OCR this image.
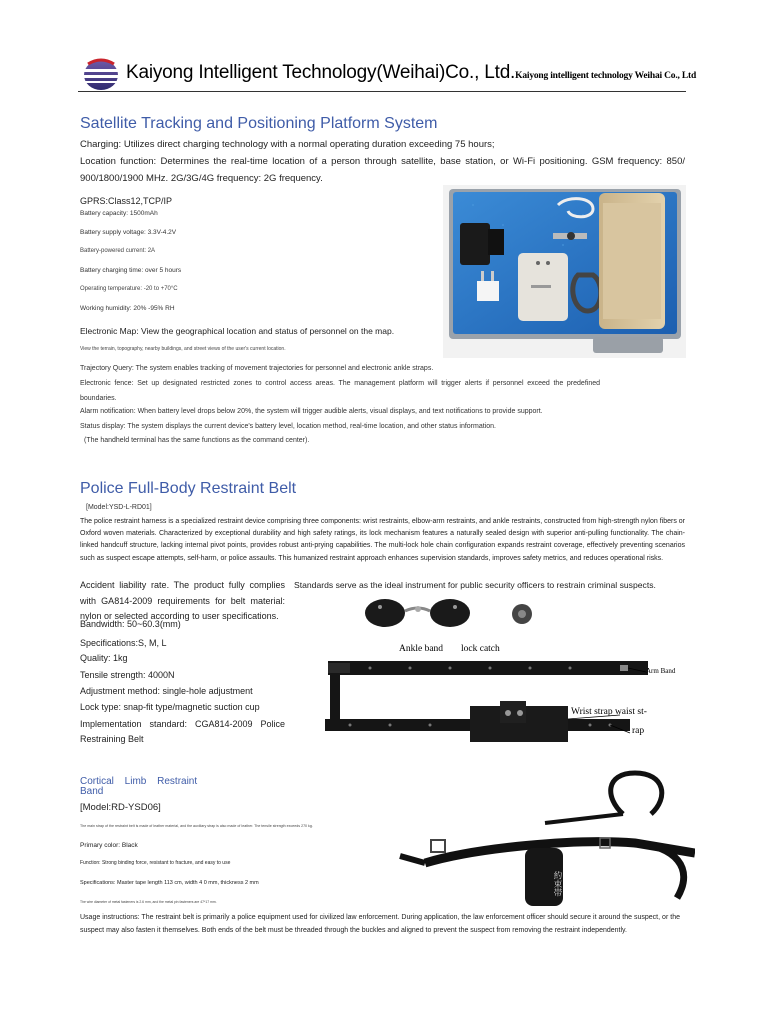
Kaiyong Intelligent Technology(Weihai)Co., Ltd.Kaiyong intelligent technology Weihai Co., Ltd
Satellite Tracking and Positioning Platform System
Charging: Utilizes direct charging technology with a normal operating duration exceeding 75 hours;
Location function: Determines the real-time location of a person through satellite, base station, or Wi-Fi positioning. GSM frequency: 850/ 900/1800/1900 MHz. 2G/3G/4G frequency: 2G frequency.
GPRS:Class12,TCP/IP
Battery capacity: 1500mAh
Battery supply voltage: 3.3V-4.2V
Battery-powered current: 2A
Battery charging time: over 5 hours
Operating temperature: -20 to +70°C
Working humidity: 20% -95% RH
Electronic Map: View the geographical location and status of personnel on the map.
View the terrain, topography, nearby buildings, and street views of the user's current location.
Trajectory Query: The system enables tracking of movement trajectories for personnel and electronic ankle straps.
Electronic fence: Set up designated restricted zones to control access areas. The management platform will trigger alerts if personnel exceed the predefined boundaries.
Alarm notification: When battery level drops below 20%, the system will trigger audible alerts, visual displays, and text notifications to provide support.
Status display: The system displays the current device's battery level, location method, real-time location, and other status information.
(The handheld terminal has the same functions as the command center).
Police Full-Body Restraint Belt
[Model:YSD-L-RD01]
The police restraint harness is a specialized restraint device comprising three components: wrist restraints, elbow-arm restraints, and ankle restraints, constructed from high-strength nylon fibers or Oxford woven materials. Characterized by exceptional durability and high safety ratings, its lock mechanism features a naturally sealed design with superior anti-pulling functionality. The chain-linked handcuff structure, lacking internal pivot points, provides robust anti-prying capabilities. The multi-lock hole chain configuration expands restraint coverage, effectively preventing scenarios such as suspect escape attempts, self-harm, or police assaults. This humanized restraint approach enhances supervision standards, improves safety metrics, and reduces operational risks.
Accident liability rate. The product fully complies with GA814-2009 requirements for belt material: nylon or selected according to user specifications.
Standards serve as the ideal instrument for public security officers to restrain criminal suspects.
Bandwidth: 50~60.3(mm)
Specifications:S, M, L
Quality: 1kg
Tensile strength: 4000N
Adjustment method: single-hole adjustment
Lock type: snap-fit type/magnetic suction cup
Implementation standard: CGA814-2009 Police Restraining Belt
Ankle band lock catch
Arm Band
Wrist strap waist st-
rap
Cortical Limb Restraint
Band
[Model:RD-YSD06]
The main strap of the restraint belt is made of leather material, and the auxiliary strap is also made of leather. The tensile strength exceeds 270 kg.
Primary color: Black
Function: Strong binding force, resistant to fracture, and easy to use
Specifications: Master tape length 113 cm, width 4 0 mm, thickness 2 mm
The wire diameter of metal fasteners is 2.6 mm, and the metal pin fasteners are 47*17 mm.
約束帯
Usage instructions: The restraint belt is primarily a police equipment used for civilized law enforcement. During application, the law enforcement officer should secure it around the suspect, or the suspect may also fasten it themselves. Both ends of the belt must be threaded through the buckles and aligned to prevent the suspect from removing the restraint independently.
